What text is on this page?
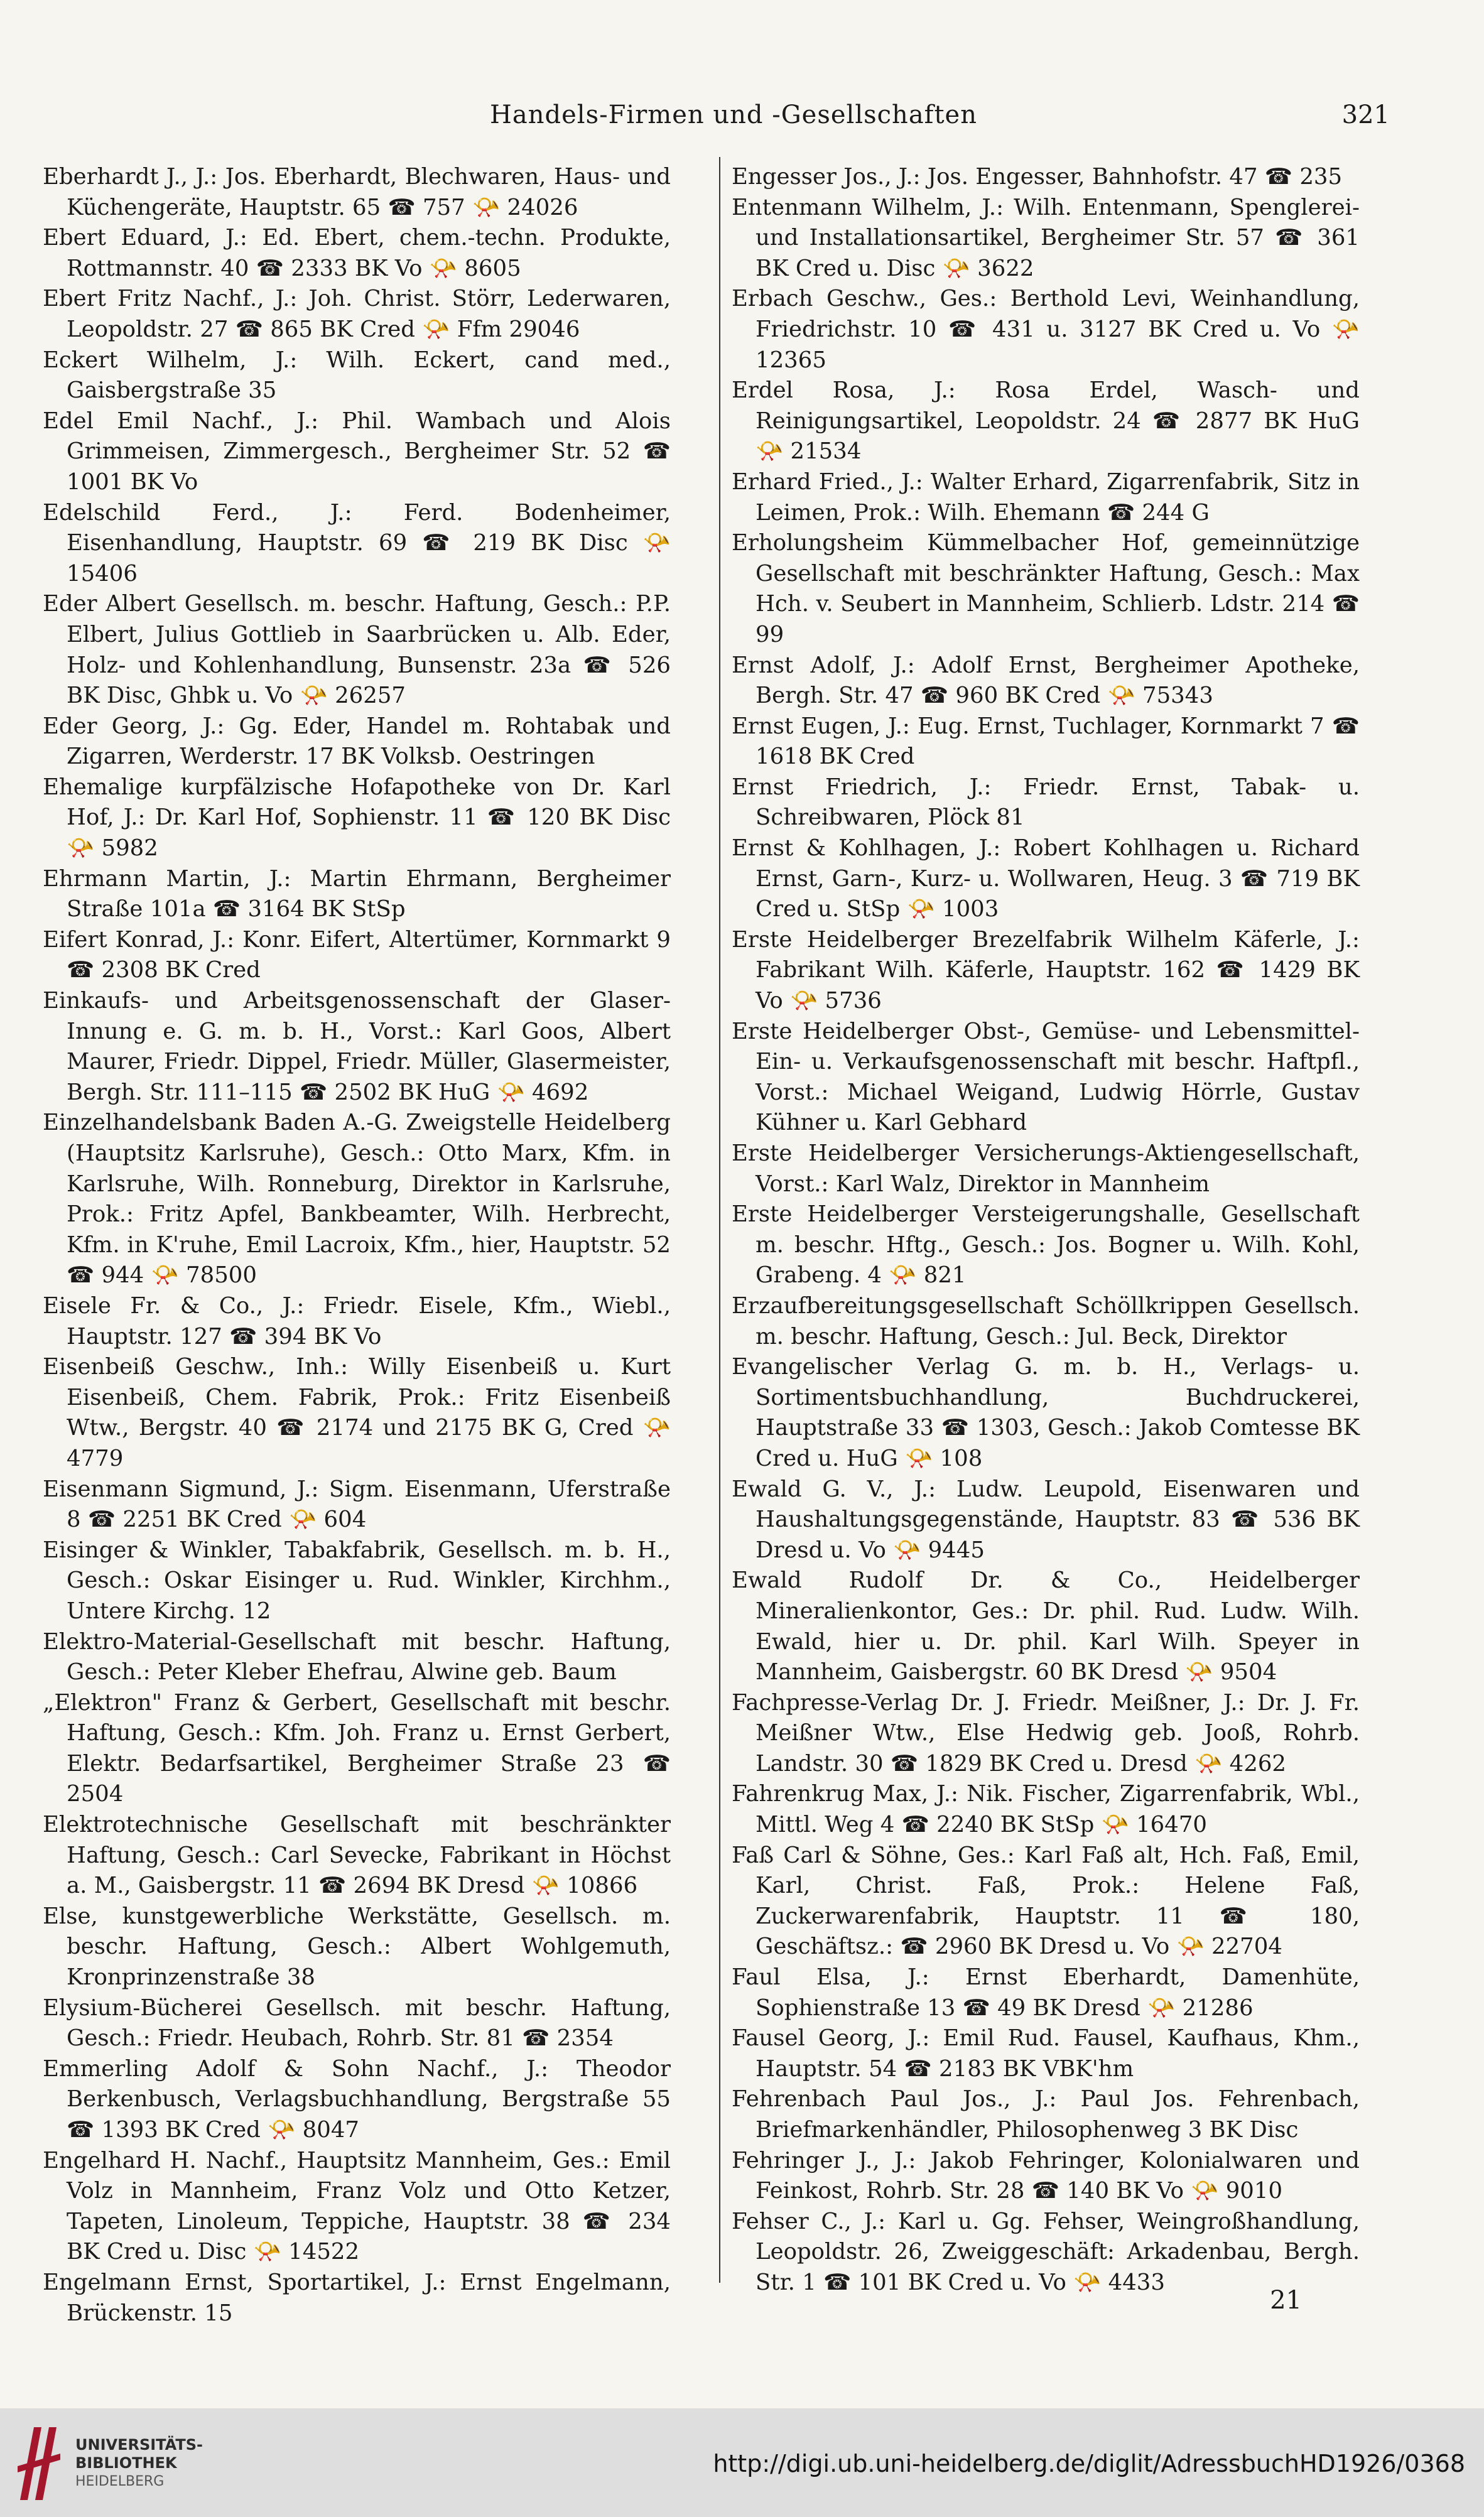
Handels-Firmen und -Gesellschaften	321

Eberhardt J., J.: Jos. Eberhardt, Blechwaren, Haus- und Küchengeräte, Hauptstr. 65 ☎ 757 📯 24026

Ebert Eduard, J.: Ed. Ebert, chem.-techn. Produkte, Rottmannstr. 40 ☎ 2333 BK Vo 📯 8605

Ebert Fritz Nachf., J.: Joh. Christ. Störr, Lederwaren, Leopoldstr. 27 ☎ 865 BK Cred 📯 Ffm 29046

Eckert Wilhelm, J.: Wilh. Eckert, cand med., Gaisbergstraße 35

Edel Emil Nachf., J.: Phil. Wambach und Alois Grimmeisen, Zimmergesch., Bergheimer Str. 52 ☎ 1001 BK Vo

Edelschild Ferd., J.: Ferd. Bodenheimer, Eisenhandlung, Hauptstr. 69 ☎ 219 BK Disc 📯 15406

Eder Albert Gesellsch. m. beschr. Haftung, Gesch.: P.P. Elbert, Julius Gottlieb in Saarbrücken u. Alb. Eder, Holz- und Kohlenhandlung, Bunsenstr. 23a ☎ 526 BK Disc, Ghbk u. Vo 📯 26257

Eder Georg, J.: Gg. Eder, Handel m. Rohtabak und Zigarren, Werderstr. 17 BK Volksb. Oestringen

Ehemalige kurpfälzische Hofapotheke von Dr. Karl Hof, J.: Dr. Karl Hof, Sophienstr. 11 ☎ 120 BK Disc 📯 5982

Ehrmann Martin, J.: Martin Ehrmann, Bergheimer Straße 101a ☎ 3164 BK StSp

Eifert Konrad, J.: Konr. Eifert, Altertümer, Kornmarkt 9 ☎ 2308 BK Cred

Einkaufs- und Arbeitsgenossenschaft der Glaser-Innung e. G. m. b. H., Vorst.: Karl Goos, Albert Maurer, Friedr. Dippel, Friedr. Müller, Glasermeister, Bergh. Str. 111–115 ☎ 2502 BK HuG 📯 4692

Einzelhandelsbank Baden A.-G. Zweigstelle Heidelberg (Hauptsitz Karlsruhe), Gesch.: Otto Marx, Kfm. in Karlsruhe, Wilh. Ronneburg, Direktor in Karlsruhe, Prok.: Fritz Apfel, Bankbeamter, Wilh. Herbrecht, Kfm. in K'ruhe, Emil Lacroix, Kfm., hier, Hauptstr. 52 ☎ 944 📯 78500

Eisele Fr. & Co., J.: Friedr. Eisele, Kfm., Wiebl., Hauptstr. 127 ☎ 394 BK Vo

Eisenbeiß Geschw., Inh.: Willy Eisenbeiß u. Kurt Eisenbeiß, Chem. Fabrik, Prok.: Fritz Eisenbeiß Wtw., Bergstr. 40 ☎ 2174 und 2175 BK G, Cred 📯 4779

Eisenmann Sigmund, J.: Sigm. Eisenmann, Uferstraße 8 ☎ 2251 BK Cred 📯 604

Eisinger & Winkler, Tabakfabrik, Gesellsch. m. b. H., Gesch.: Oskar Eisinger u. Rud. Winkler, Kirchhm., Untere Kirchg. 12

Elektro-Material-Gesellschaft mit beschr. Haftung, Gesch.: Peter Kleber Ehefrau, Alwine geb. Baum

„Elektron" Franz & Gerbert, Gesellschaft mit beschr. Haftung, Gesch.: Kfm. Joh. Franz u. Ernst Gerbert, Elektr. Bedarfsartikel, Bergheimer Straße 23 ☎ 2504

Elektrotechnische Gesellschaft mit beschränkter Haftung, Gesch.: Carl Sevecke, Fabrikant in Höchst a. M., Gaisbergstr. 11 ☎ 2694 BK Dresd 📯 10866

Else, kunstgewerbliche Werkstätte, Gesellsch. m. beschr. Haftung, Gesch.: Albert Wohlgemuth, Kronprinzenstraße 38

Elysium-Bücherei Gesellsch. mit beschr. Haftung, Gesch.: Friedr. Heubach, Rohrb. Str. 81 ☎ 2354

Emmerling Adolf & Sohn Nachf., J.: Theodor Berkenbusch, Verlagsbuchhandlung, Bergstraße 55 ☎ 1393 BK Cred 📯 8047

Engelhard H. Nachf., Hauptsitz Mannheim, Ges.: Emil Volz in Mannheim, Franz Volz und Otto Ketzer, Tapeten, Linoleum, Teppiche, Hauptstr. 38 ☎ 234 BK Cred u. Disc 📯 14522

Engelmann Ernst, Sportartikel, J.: Ernst Engelmann, Brückenstr. 15

Engesser Jos., J.: Jos. Engesser, Bahnhofstr. 47 ☎ 235

Entenmann Wilhelm, J.: Wilh. Entenmann, Spenglerei- und Installationsartikel, Bergheimer Str. 57 ☎ 361 BK Cred u. Disc 📯 3622

Erbach Geschw., Ges.: Berthold Levi, Weinhandlung, Friedrichstr. 10 ☎ 431 u. 3127 BK Cred u. Vo 📯 12365

Erdel Rosa, J.: Rosa Erdel, Wasch- und Reinigungsartikel, Leopoldstr. 24 ☎ 2877 BK HuG 📯 21534

Erhard Fried., J.: Walter Erhard, Zigarrenfabrik, Sitz in Leimen, Prok.: Wilh. Ehemann ☎ 244 G

Erholungsheim Kümmelbacher Hof, gemeinnützige Gesellschaft mit beschränkter Haftung, Gesch.: Max Hch. v. Seubert in Mannheim, Schlierb. Ldstr. 214 ☎ 99

Ernst Adolf, J.: Adolf Ernst, Bergheimer Apotheke, Bergh. Str. 47 ☎ 960 BK Cred 📯 75343

Ernst Eugen, J.: Eug. Ernst, Tuchlager, Kornmarkt 7 ☎ 1618 BK Cred

Ernst Friedrich, J.: Friedr. Ernst, Tabak- u. Schreibwaren, Plöck 81

Ernst & Kohlhagen, J.: Robert Kohlhagen u. Richard Ernst, Garn-, Kurz- u. Wollwaren, Heug. 3 ☎ 719 BK Cred u. StSp 📯 1003

Erste Heidelberger Brezelfabrik Wilhelm Käferle, J.: Fabrikant Wilh. Käferle, Hauptstr. 162 ☎ 1429 BK Vo 📯 5736

Erste Heidelberger Obst-, Gemüse- und Lebensmittel-Ein- u. Verkaufsgenossenschaft mit beschr. Haftpfl., Vorst.: Michael Weigand, Ludwig Hörrle, Gustav Kühner u. Karl Gebhard

Erste Heidelberger Versicherungs-Aktiengesellschaft, Vorst.: Karl Walz, Direktor in Mannheim

Erste Heidelberger Versteigerungshalle, Gesellschaft m. beschr. Hftg., Gesch.: Jos. Bogner u. Wilh. Kohl, Grabeng. 4 📯 821

Erzaufbereitungsgesellschaft Schöllkrippen Gesellsch. m. beschr. Haftung, Gesch.: Jul. Beck, Direktor

Evangelischer Verlag G. m. b. H., Verlags- u. Sortimentsbuchhandlung, Buchdruckerei, Hauptstraße 33 ☎ 1303, Gesch.: Jakob Comtesse BK Cred u. HuG 📯 108

Ewald G. V., J.: Ludw. Leupold, Eisenwaren und Haushaltungsgegenstände, Hauptstr. 83 ☎ 536 BK Dresd u. Vo 📯 9445

Ewald Rudolf Dr. & Co., Heidelberger Mineralienkontor, Ges.: Dr. phil. Rud. Ludw. Wilh. Ewald, hier u. Dr. phil. Karl Wilh. Speyer in Mannheim, Gaisbergstr. 60 BK Dresd 📯 9504

Fachpresse-Verlag Dr. J. Friedr. Meißner, J.: Dr. J. Fr. Meißner Wtw., Else Hedwig geb. Jooß, Rohrb. Landstr. 30 ☎ 1829 BK Cred u. Dresd 📯 4262

Fahrenkrug Max, J.: Nik. Fischer, Zigarrenfabrik, Wbl., Mittl. Weg 4 ☎ 2240 BK StSp 📯 16470

Faß Carl & Söhne, Ges.: Karl Faß alt, Hch. Faß, Emil, Karl, Christ. Faß, Prok.: Helene Faß, Zuckerwarenfabrik, Hauptstr. 11 ☎ 180, Geschäftsz.: ☎ 2960 BK Dresd u. Vo 📯 22704

Faul Elsa, J.: Ernst Eberhardt, Damenhüte, Sophienstraße 13 ☎ 49 BK Dresd 📯 21286

Fausel Georg, J.: Emil Rud. Fausel, Kaufhaus, Khm., Hauptstr. 54 ☎ 2183 BK VBK'hm

Fehrenbach Paul Jos., J.: Paul Jos. Fehrenbach, Briefmarkenhändler, Philosophenweg 3 BK Disc

Fehringer J., J.: Jakob Fehringer, Kolonialwaren und Feinkost, Rohrb. Str. 28 ☎ 140 BK Vo 📯 9010

Fehser C., J.: Karl u. Gg. Fehser, Weingroßhandlung, Leopoldstr. 26, Zweiggeschäft: Arkadenbau, Bergh. Str. 1 ☎ 101 BK Cred u. Vo 📯 4433

21
UNIVERSITÄTS-
BIBLIOTHEK
HEIDELBERG
http://digi.ub.uni-heidelberg.de/diglit/AdressbuchHD1926/0368
